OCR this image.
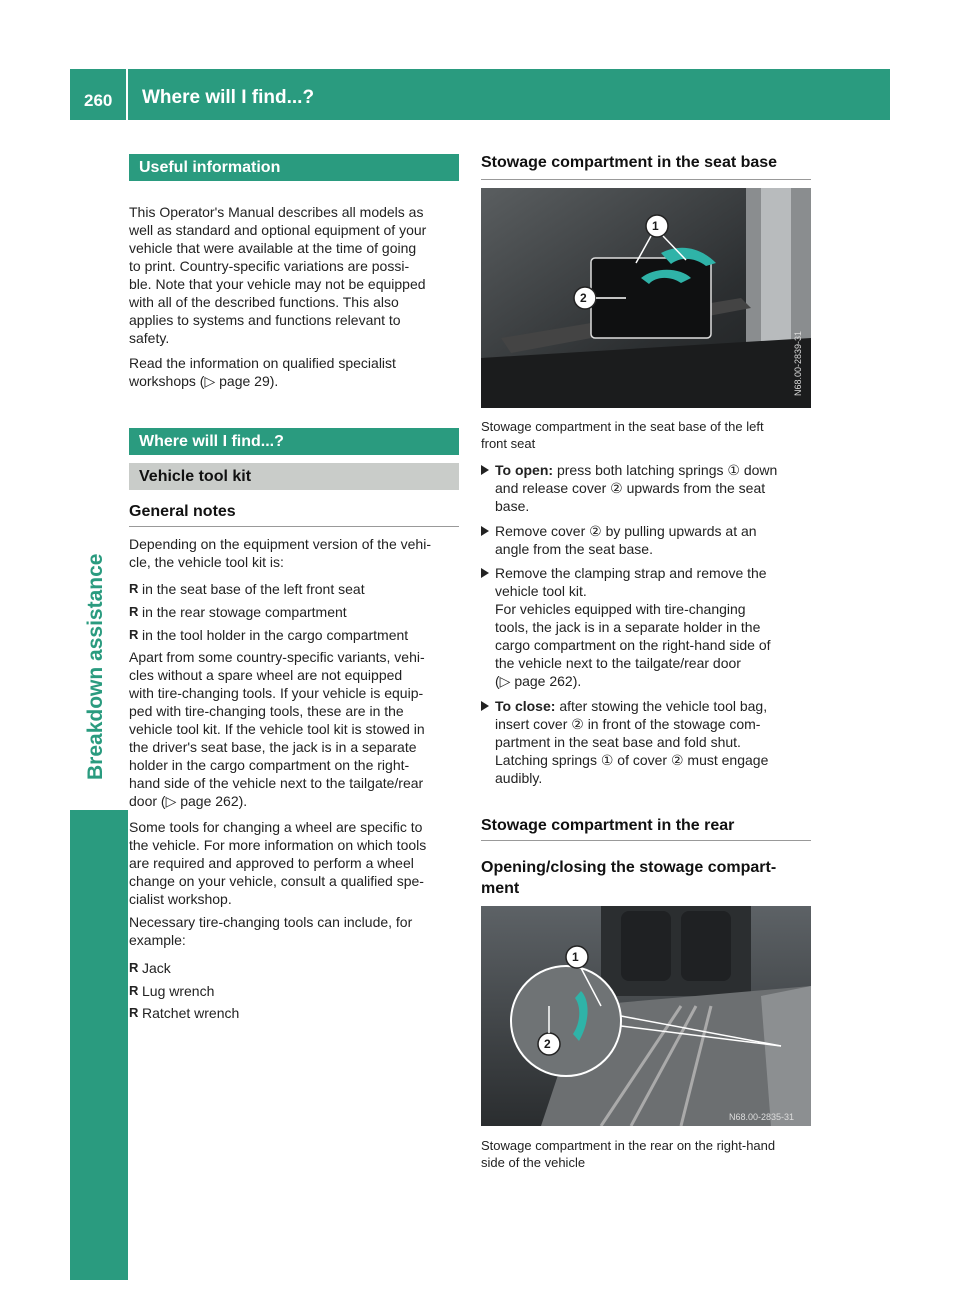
260 Where will I find...?
Breakdown assistance
Useful information
This Operator's Manual describes all models as
well as standard and optional equipment of your
vehicle that were available at the time of going
to print. Country-specific variations are possi-
ble. Note that your vehicle may not be equipped
with all of the described functions. This also
applies to systems and functions relevant to
safety.
Read the information on qualified specialist
workshops (▷ page 29).
Where will I find...?
Vehicle tool kit
General notes
Depending on the equipment version of the vehi-
cle, the vehicle tool kit is:
R in the seat base of the left front seat
R in the rear stowage compartment
R in the tool holder in the cargo compartment
Apart from some country-specific variants, vehi-
cles without a spare wheel are not equipped
with tire-changing tools. If your vehicle is equip-
ped with tire-changing tools, these are in the
vehicle tool kit. If the vehicle tool kit is stowed in
the driver's seat base, the jack is in a separate
holder in the cargo compartment on the right-
hand side of the vehicle next to the tailgate/rear
door (▷ page 262).
Some tools for changing a wheel are specific to
the vehicle. For more information on which tools
are required and approved to perform a wheel
change on your vehicle, consult a qualified spe-
cialist workshop.
Necessary tire-changing tools can include, for
example:
R Jack
R Lug wrench
R Ratchet wrench
Stowage compartment in the seat base
1
2
N68.00-2839-31
Stowage compartment in the seat base of the left
front seat
To open: press both latching springs ① down
and release cover ② upwards from the seat
base.
Remove cover ② by pulling upwards at an
angle from the seat base.
Remove the clamping strap and remove the
vehicle tool kit.
For vehicles equipped with tire-changing
tools, the jack is in a separate holder in the
cargo compartment on the right-hand side of
the vehicle next to the tailgate/rear door
(▷ page 262).
To close: after stowing the vehicle tool bag,
insert cover ② in front of the stowage com-
partment in the seat base and fold shut.
Latching springs ① of cover ② must engage
audibly.
Stowage compartment in the rear
Opening/closing the stowage compart-
ment
1
2
N68.00-2835-31
Stowage compartment in the rear on the right-hand
side of the vehicle
